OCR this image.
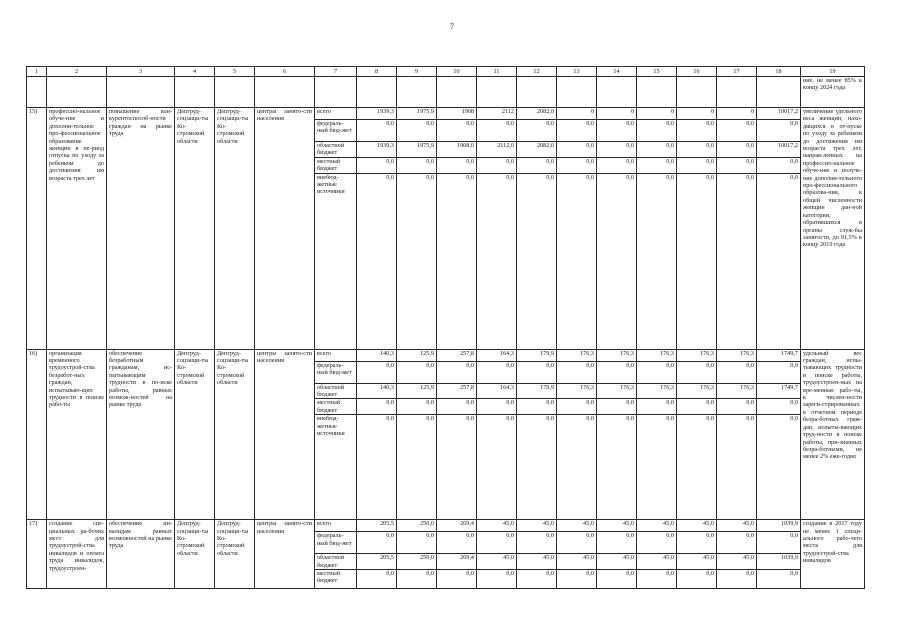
7
1	2	3	4	5	6	7	8	9	10	11	12	13	14	15	16	17	18	19
																		ние, не менее 85% к концу 2024 года
15)	профессио-нальное обуче-ние и дополни-тельное про-фессиональное образование женщин в пе-риод отпуска по уходу за ребенком до достижения им возраста трех лет	повышение кон-курентоспособ-ности граждан на рынке труда	Депгруд-соцзащи-ты Ко-стромской области	Депгруд-соцзащи-ты Ко-стромской области	центры занято-сти населения	всего	1939,3	1975,9	1908	2112	2082,0	0	0	0	0	0	10017,2	увеличение удельного веса женщин, нахо-дящихся в от-пуске по уходу за ребенком до достижения им возраста трех лет, направ-ленных на профессио-нальное обуче-ние и получе-ние дополни-тельного про-фессионального образова-ния, к общей численности женщин дан-ной категории, обратившихся в органы служ-бы занятости, до 91,5% к концу 2019 года
						федераль-ный бюд-жет	0,0	0,0	0,0	0,0	0,0	0,0	0,0	0,0	0,0	0,0	0,0	
						областной бюджет	1939,3	1975,9	1908,0	2112,0	2082,0	0,0	0,0	0,0	0,0	0,0	10017,2	
						местный бюджет	0,0	0,0	0,0	0,0	0,0	0,0	0,0	0,0	0,0	0,0	0,0	
						внебюд-жетные источники	0,0	0,0	0,0	0,0	0,0	0,0	0,0	0,0	0,0	0,0	0,0	
16)	организация временного трудоустрой-ства безработ-ных граждан, испытываю-щих трудности в поиске рабо-ты	обеспечение безработным гражданам, ис-пытывающим трудности в по-иске работы, равных возмож-ностей на рынке труда	Депгруд-соцзащи-ты Ко-стромской области	Депгруд-соцзащи-ты Ко-стромской области	центры занято-сти населения	всего	140,3	125,9	257,8	164,3	179,9	176,3	176,3	176,3	176,3	176,3	1749,7	удельный вес граждан, испы-тывающих трудности в поиске работы, трудоустроен-ных на вре-менные рабо-ты, к числен-ности зареги-стрированных в отчетном периоде безра-ботных граж-дан, испыты-вающих труд-ности в поиске работы, при-знанных безра-ботными, не менее 2% еже-годно
						федераль-ный бюд-жет	0,0	0,0	0,0	0,0	0,0	0,0	0,0	0,0	0,0	0,0	0,0	
						областной бюджет	140,3	125,9	257,8	164,3	179,9	176,3	176,3	176,3	176,3	176,3	1749,7	
						местный бюджет	0,0	0,0	0,0	0,0	0,0	0,0	0,0	0,0	0,0	0,0	0,0	
						внебюд-жетные источники	0,0	0,0	0,0	0,0	0,0	0,0	0,0	0,0	0,0	0,0	0,0	
17)	создание спе-циальных ра-бочих мест для трудоустрой-ства инвалидов и оплата труда инвалидов, трудоустроен-	обеспечение ин-валидам равных возможностей на рынке труда	Депгруд-соцзащи-ты Ко-стромской области	Депгруд-соцзащи-ты Ко-стромской области	центры занято-сти населения	всего	205,5	250,0	269,4	45,0	45,0	45,0	45,0	45,0	45,0	45,0	1039,9	создание в 2017 году не менее 1 специ-ального рабо-чего места для трудоустрой-ства инвалидов
						федераль-ный бюд-жет	0,0	0,0	0,0	0,0	0,0	0,0	0,0	0,0	0,0	0,0	0,0	
						областной бюджет	205,5	250,0	269,4	45,0	45,0	45,0	45,0	45,0	45,0	45,0	1039,9	
						местный бюджет	0,0	0,0	0,0	0,0	0,0	0,0	0,0	0,0	0,0	0,0	0,0	
